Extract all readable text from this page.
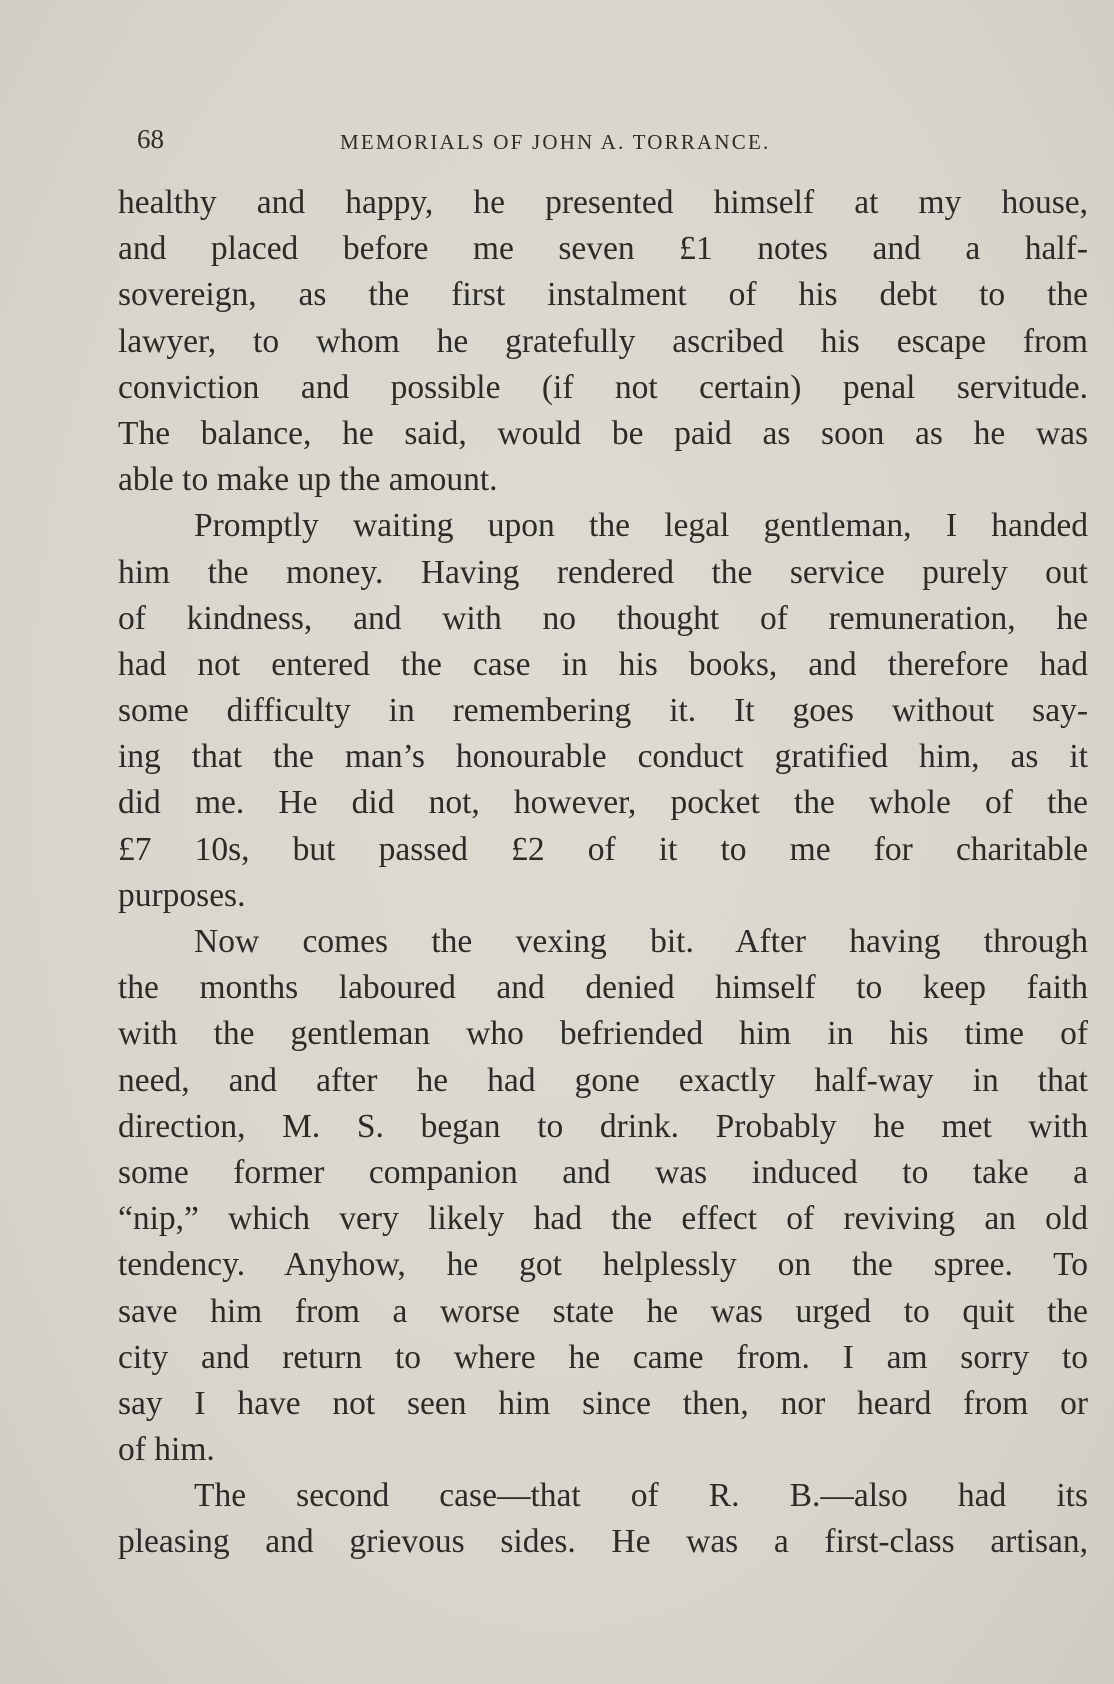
68	MEMORIALS OF JOHN A. TORRANCE.
healthy and happy, he presented himself at my house,
and placed before me seven £1 notes and a half-
sovereign, as the first instalment of his debt to the
lawyer, to whom he gratefully ascribed his escape from
conviction and possible (if not certain) penal servitude.
The balance, he said, would be paid as soon as he was
able to make up the amount.
Promptly waiting upon the legal gentleman, I handed
him the money. Having rendered the service purely out
of kindness, and with no thought of remuneration, he
had not entered the case in his books, and therefore had
some difficulty in remembering it. It goes without say-
ing that the man’s honourable conduct gratified him, as it
did me. He did not, however, pocket the whole of the
£7 10s, but passed £2 of it to me for charitable
purposes.
Now comes the vexing bit. After having through
the months laboured and denied himself to keep faith
with the gentleman who befriended him in his time of
need, and after he had gone exactly half-way in that
direction, M. S. began to drink. Probably he met with
some former companion and was induced to take a
“nip,” which very likely had the effect of reviving an old
tendency. Anyhow, he got helplessly on the spree. To
save him from a worse state he was urged to quit the
city and return to where he came from. I am sorry to
say I have not seen him since then, nor heard from or
of him.
The second case—that of R. B.—also had its
pleasing and grievous sides. He was a first-class artisan,
